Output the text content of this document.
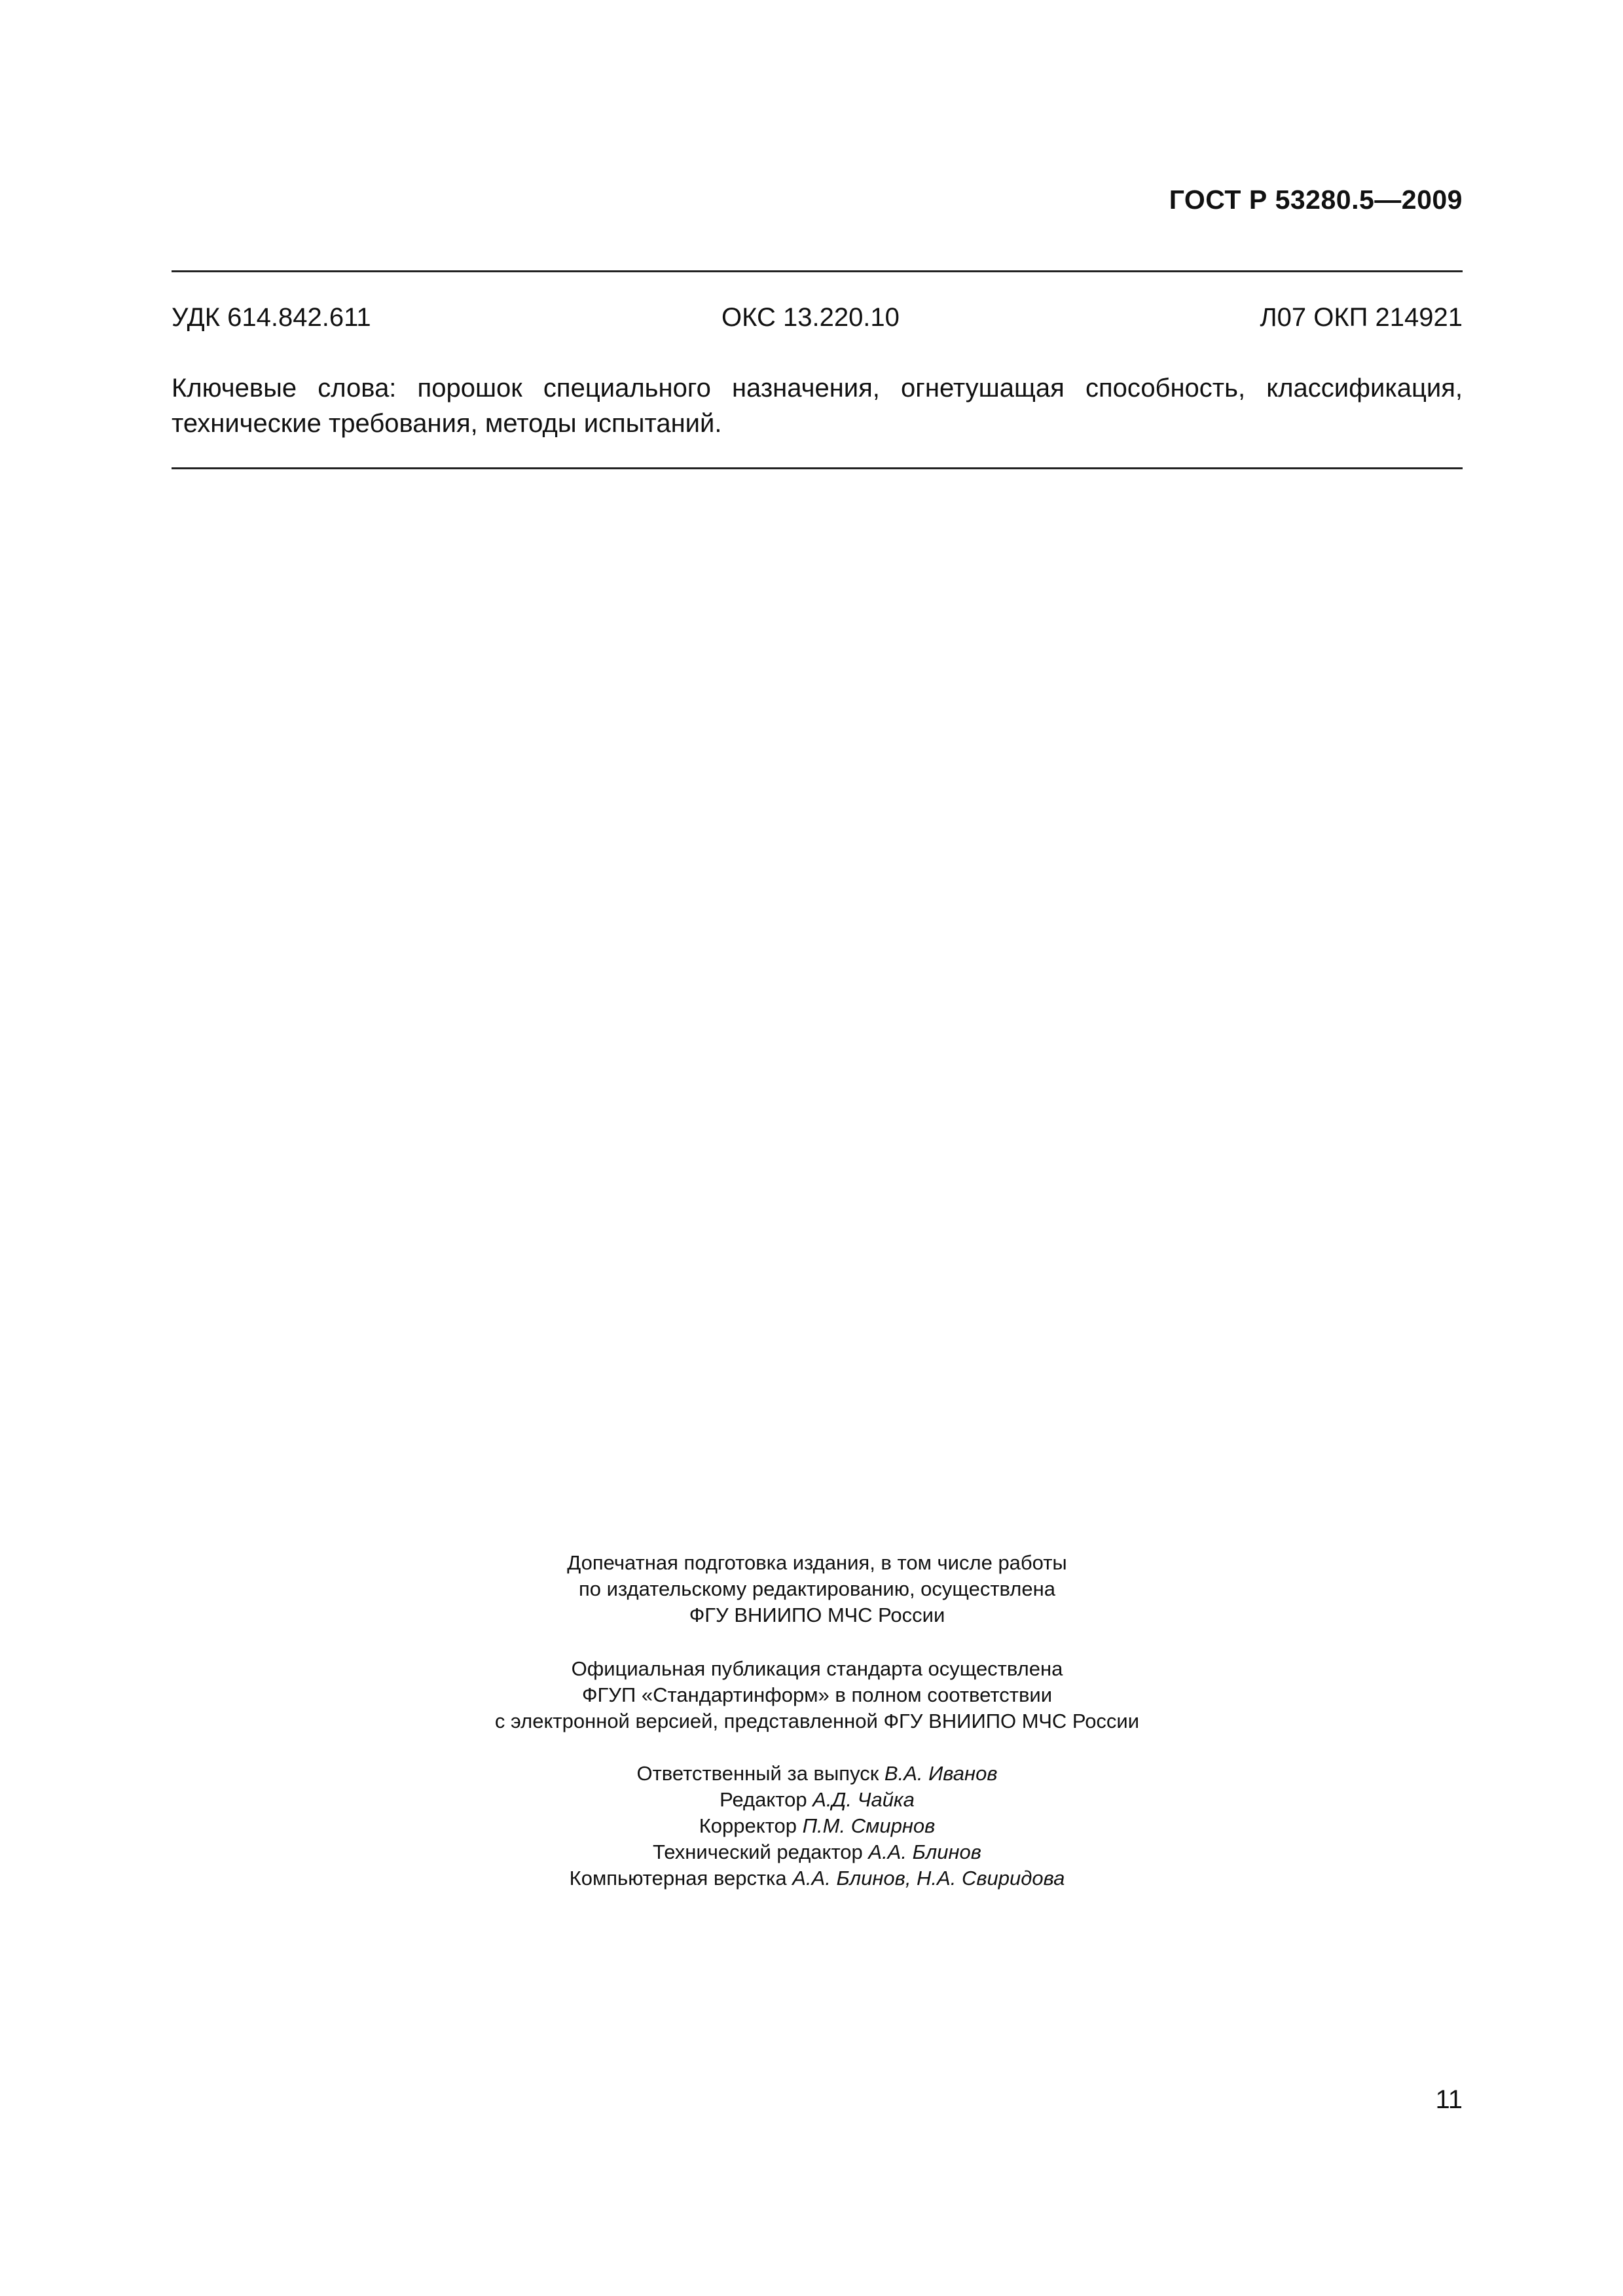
ГОСТ Р 53280.5—2009
УДК 614.842.611	ОКС 13.220.10	Л07 ОКП 214921
Ключевые слова: порошок специального назначения, огнетушащая способность, классификация,
технические требования, методы испытаний.
Допечатная подготовка издания, в том числе работы
по издательскому редактированию, осуществлена
ФГУ ВНИИПО МЧС России
Официальная публикация стандарта осуществлена
ФГУП «Стандартинформ» в полном соответствии
с электронной версией, представленной ФГУ ВНИИПО МЧС России
Ответственный за выпуск В.А. Иванов
Редактор А.Д. Чайка
Корректор П.М. Смирнов
Технический редактор А.А. Блинов
Компьютерная верстка А.А. Блинов, Н.А. Свиридова
11
